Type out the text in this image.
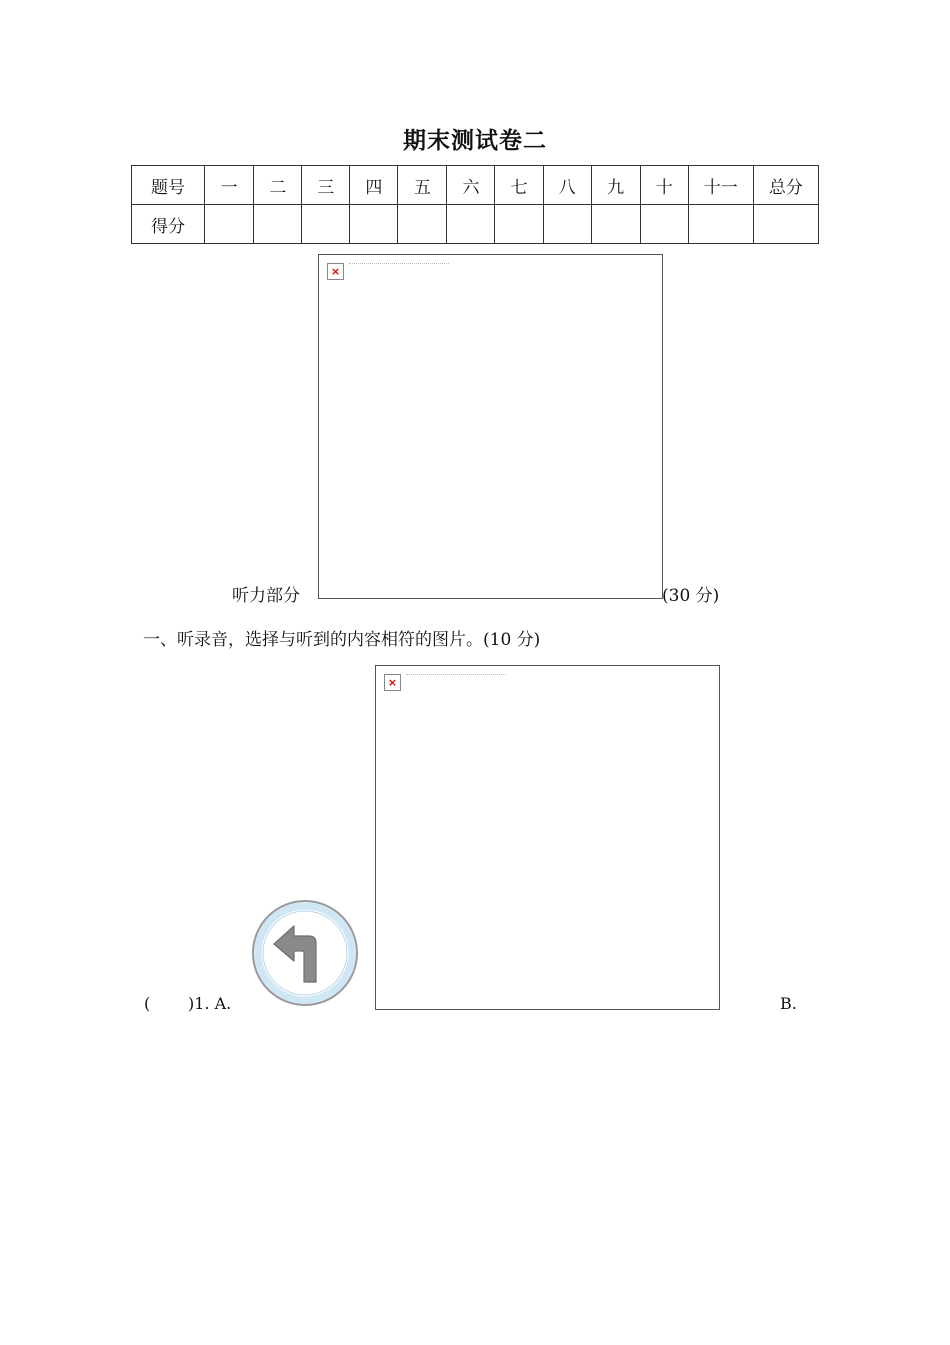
期末测试卷二
题号	一	二	三	四	五	六	七	八	九	十	十一	总分
得分												
×
听力部分	(30 分)
一、听录音，选择与听到的内容相符的图片。(10 分)
×
( )1. A.	B.
